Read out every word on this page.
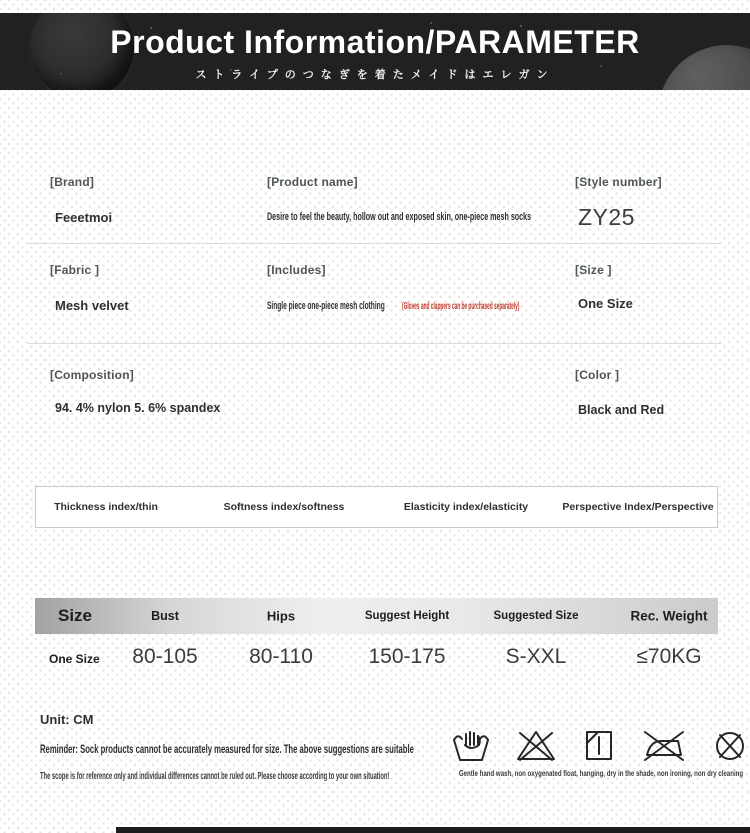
Product Information/PARAMETER
ストライプのつなぎを着たメイドはエレガン
[Brand]
Feeetmoi
[Product name]
Desire to feel the beauty, hollow out and exposed skin, one-piece mesh socks
[Style number]
ZY25
[Fabric ]
Mesh velvet
[Includes]
Single piece one-piece mesh clothing (Gloves and clappers can be purchased separately)
[Size ]
One Size
[Composition]
94. 4% nylon 5. 6% spandex
[Color ]
Black and Red
Thickness index/thin	Softness index/softness	Elasticity index/elasticity	Perspective Index/Perspective
Size	Bust	Hips	Suggest Height	Suggested Size	Rec. Weight
One Size 80-105 80-110	150-175	S-XXL	≤70KG
Unit: CM
Reminder: Sock products cannot be accurately measured for size. The above suggestions are suitable
The scope is for reference only and individual differences cannot be ruled out. Please choose according to your own situation!	Gentle hand wash, non oxygenated float, hanging, dry in the shade, non ironing, non dry cleaning
